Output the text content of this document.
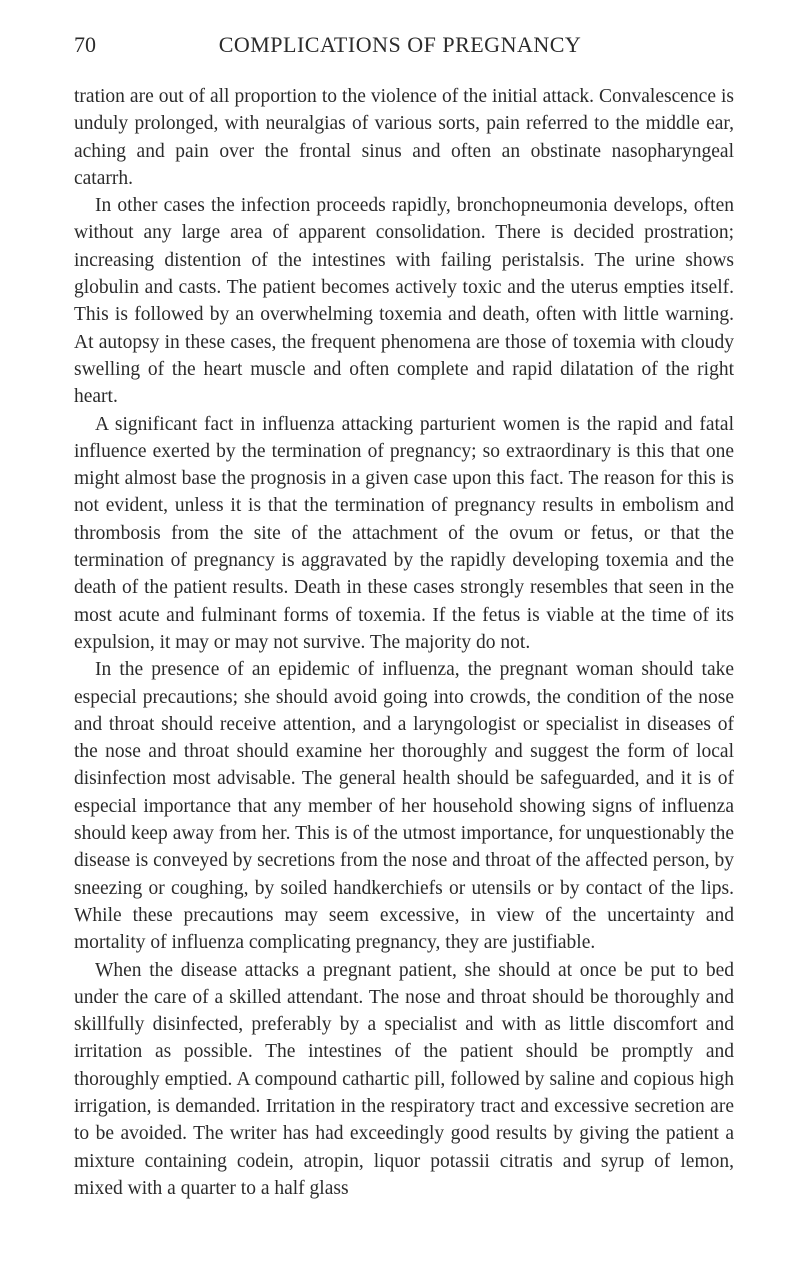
70	COMPLICATIONS OF PREGNANCY

tration are out of all proportion to the violence of the initial attack. Convalescence is unduly prolonged, with neuralgias of various sorts, pain referred to the middle ear, aching and pain over the frontal sinus and often an obstinate nasopharyngeal catarrh.

In other cases the infection proceeds rapidly, bronchopneumonia develops, often without any large area of apparent consolidation. There is decided prostration; increasing distention of the intestines with failing peristalsis. The urine shows globulin and casts. The patient becomes actively toxic and the uterus empties itself. This is followed by an overwhelming toxemia and death, often with little warning. At autopsy in these cases, the frequent phenomena are those of toxemia with cloudy swelling of the heart muscle and often complete and rapid dilatation of the right heart.

A significant fact in influenza attacking parturient women is the rapid and fatal influence exerted by the termination of pregnancy; so extraordinary is this that one might almost base the prognosis in a given case upon this fact. The reason for this is not evident, unless it is that the termination of pregnancy results in embolism and thrombosis from the site of the attachment of the ovum or fetus, or that the termination of pregnancy is aggravated by the rapidly developing toxemia and the death of the patient results. Death in these cases strongly resembles that seen in the most acute and fulminant forms of toxemia. If the fetus is viable at the time of its expulsion, it may or may not survive. The majority do not.

In the presence of an epidemic of influenza, the pregnant woman should take especial precautions; she should avoid going into crowds, the condition of the nose and throat should receive attention, and a laryngologist or specialist in diseases of the nose and throat should examine her thoroughly and suggest the form of local disinfection most advisable. The general health should be safeguarded, and it is of especial importance that any member of her household showing signs of influenza should keep away from her. This is of the utmost importance, for unquestionably the disease is conveyed by secretions from the nose and throat of the affected person, by sneezing or coughing, by soiled handkerchiefs or utensils or by contact of the lips. While these precautions may seem excessive, in view of the uncertainty and mortality of influenza complicating pregnancy, they are justifiable.

When the disease attacks a pregnant patient, she should at once be put to bed under the care of a skilled attendant. The nose and throat should be thoroughly and skillfully disinfected, preferably by a specialist and with as little discomfort and irritation as possible. The intestines of the patient should be promptly and thoroughly emptied. A compound cathartic pill, followed by saline and copious high irrigation, is demanded. Irritation in the respiratory tract and excessive secretion are to be avoided. The writer has had exceedingly good results by giving the patient a mixture containing codein, atropin, liquor potassii citratis and syrup of lemon, mixed with a quarter to a half glass
